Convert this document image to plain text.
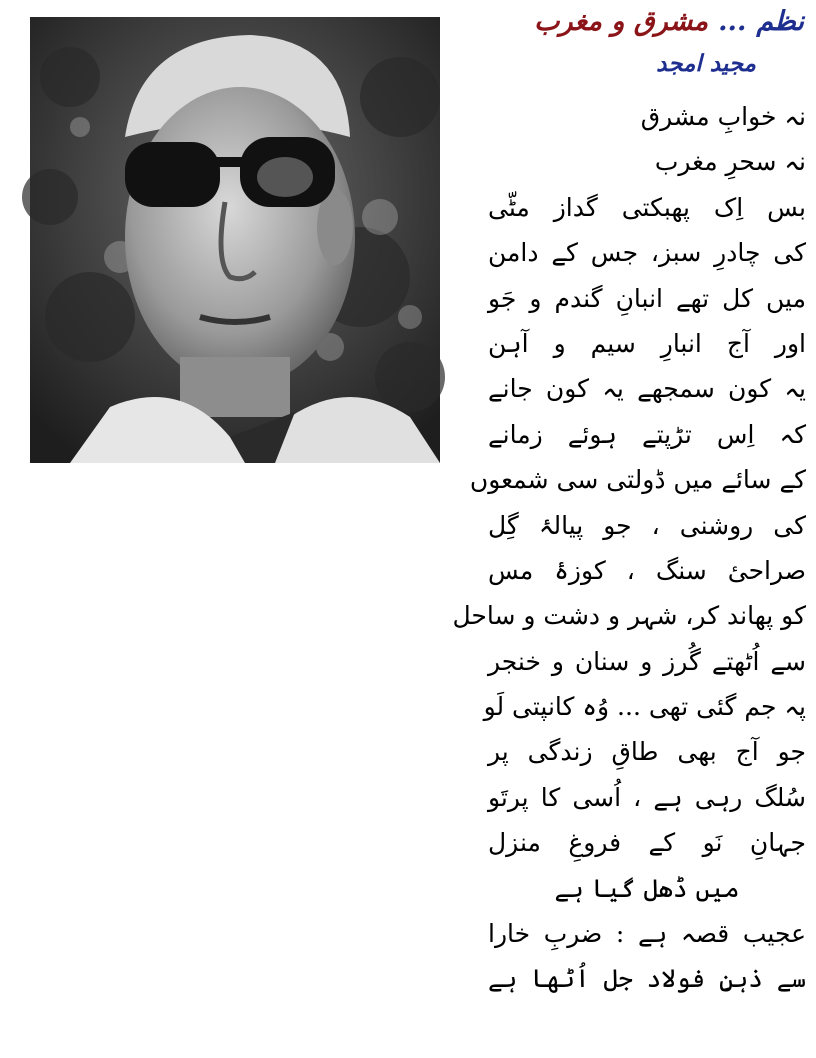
نظم...مشرق و مغرب
مجید امجد
نہ خوابِ مشرق
نہ سحرِ مغرب
بس اِک پھبکتی گداز مٹّی
کی چادرِ سبز، جس کے دامن
میں کل تھے انبانِ گندم و جَو
اور آج انبارِ سیم و آہن
یہ کون سمجھے یہ کون جانے
کہ اِس تڑپتے ہوئے زمانے
کے سائے میں ڈولتی سی شمعوں
کی روشنی ، جو پیالۂ گِل
صراحیٔ سنگ ، کوزۂ مس
کو پھاند کر، شہر و دشت و ساحل
سے اُٹھتے گُرز و سنان و خنجر
پہ جم گئی تھی ... وُہ کانپتی لَو
جو آج بھی طاقِ زندگی پر
سُلگ رہی ہے ، اُسی کا پرتَو
جہانِ نَو کے فروغِ منزل
میں ڈھل گیا ہے
عجیب قصہ ہے : ضربِ خارا
سے ذہنِ فولاد جل اُٹھا ہے
